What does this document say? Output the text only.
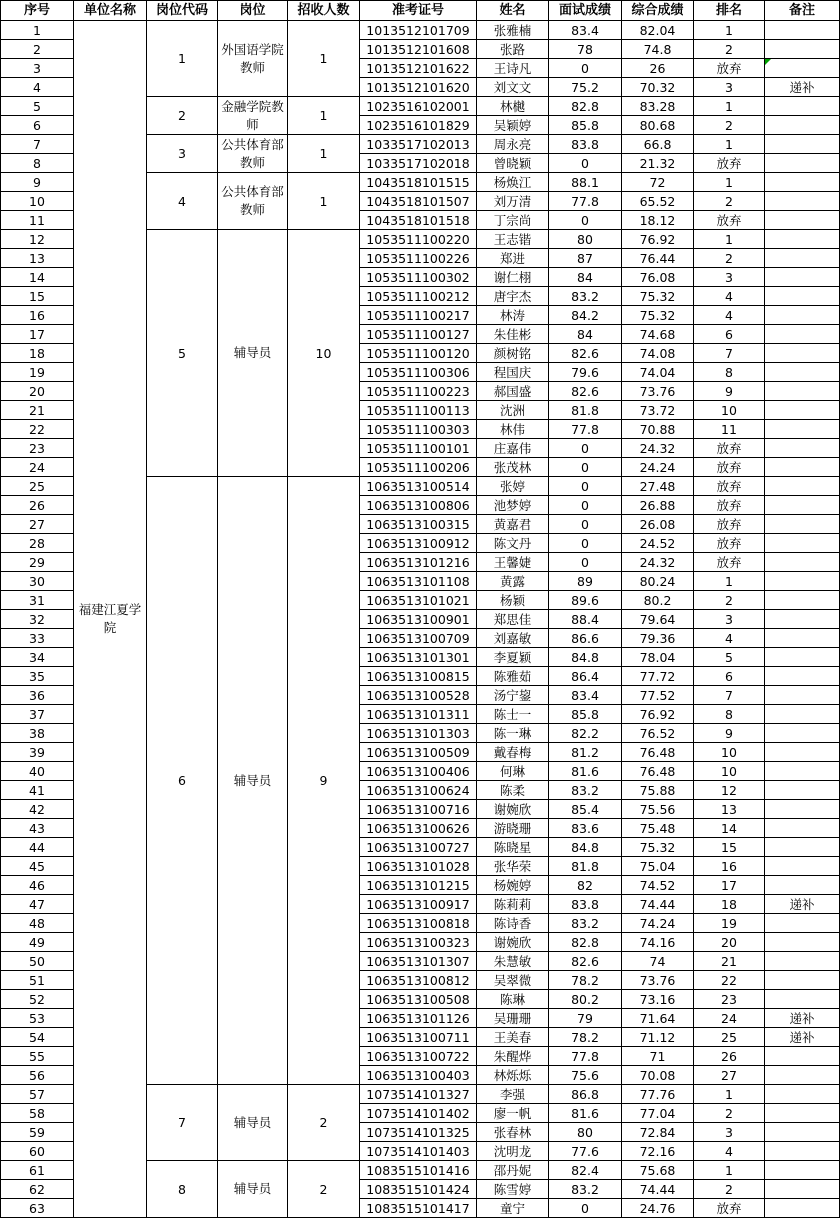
序号	单位名称	岗位代码	岗位	招收人数	准考证号	姓名	面试成绩	综合成绩	排名	备注
1	福建江夏学院	1	外国语学院教师	1	1013512101709	张雅楠	83.4	82.04	1	
2					1013512101608	张路	78	74.8	2	
3					1013512101622	王诗凡	0	26	放弃	
4					1013512101620	刘文文	75.2	70.32	3	递补
5		2	金融学院教师	1	1023516102001	林樾	82.8	83.28	1	
6					1023516101829	吴颖婷	85.8	80.68	2	
7		3	公共体育部教师	1	1033517102013	周永亮	83.8	66.8	1	
8					1033517102018	曾晓颖	0	21.32	放弃	
9		4	公共体育部教师	1	1043518101515	杨焕江	88.1	72	1	
10					1043518101507	刘万清	77.8	65.52	2	
11					1043518101518	丁宗尚	0	18.12	放弃	
12		5	辅导员	10	1053511100220	王志锴	80	76.92	1	
13					1053511100226	郑进	87	76.44	2	
14					1053511100302	谢仁栩	84	76.08	3	
15					1053511100212	唐宇杰	83.2	75.32	4	
16					1053511100217	林涛	84.2	75.32	4	
17					1053511100127	朱佳彬	84	74.68	6	
18					1053511100120	颜树铭	82.6	74.08	7	
19					1053511100306	程国庆	79.6	74.04	8	
20					1053511100223	郝国盛	82.6	73.76	9	
21					1053511100113	沈洲	81.8	73.72	10	
22					1053511100303	林伟	77.8	70.88	11	
23					1053511100101	庄嘉伟	0	24.32	放弃	
24					1053511100206	张茂林	0	24.24	放弃	
25		6	辅导员	9	1063513100514	张婷	0	27.48	放弃	
26					1063513100806	池梦婷	0	26.88	放弃	
27					1063513100315	黄嘉君	0	26.08	放弃	
28					1063513100912	陈文丹	0	24.52	放弃	
29					1063513101216	王馨婕	0	24.32	放弃	
30					1063513101108	黄露	89	80.24	1	
31					1063513101021	杨颖	89.6	80.2	2	
32					1063513100901	郑思佳	88.4	79.64	3	
33					1063513100709	刘嘉敏	86.6	79.36	4	
34					1063513101301	李夏颖	84.8	78.04	5	
35					1063513100815	陈雅茹	86.4	77.72	6	
36					1063513100528	汤宁鋆	83.4	77.52	7	
37					1063513101311	陈士一	85.8	76.92	8	
38					1063513101303	陈一琳	82.2	76.52	9	
39					1063513100509	戴春梅	81.2	76.48	10	
40					1063513100406	何琳	81.6	76.48	10	
41					1063513100624	陈柔	83.2	75.88	12	
42					1063513100716	谢婉欣	85.4	75.56	13	
43					1063513100626	游晓珊	83.6	75.48	14	
44					1063513100727	陈晓星	84.8	75.32	15	
45					1063513101028	张华荣	81.8	75.04	16	
46					1063513101215	杨婉婷	82	74.52	17	
47					1063513100917	陈莉莉	83.8	74.44	18	递补
48					1063513100818	陈诗香	83.2	74.24	19	
49					1063513100323	谢婉欣	82.8	74.16	20	
50					1063513101307	朱慧敏	82.6	74	21	
51					1063513100812	吴翠微	78.2	73.76	22	
52					1063513100508	陈琳	80.2	73.16	23	
53					1063513101126	吴珊珊	79	71.64	24	递补
54					1063513100711	王美春	78.2	71.12	25	递补
55					1063513100722	朱醒烨	77.8	71	26	
56					1063513100403	林烁烁	75.6	70.08	27	
57		7	辅导员	2	1073514101327	李强	86.8	77.76	1	
58					1073514101402	廖一帆	81.6	77.04	2	
59					1073514101325	张春林	80	72.84	3	
60					1073514101403	沈明龙	77.6	72.16	4	
61		8	辅导员	2	1083515101416	邵丹妮	82.4	75.68	1	
62					1083515101424	陈雪婷	83.2	74.44	2	
63					1083515101417	童宁	0	24.76	放弃	
